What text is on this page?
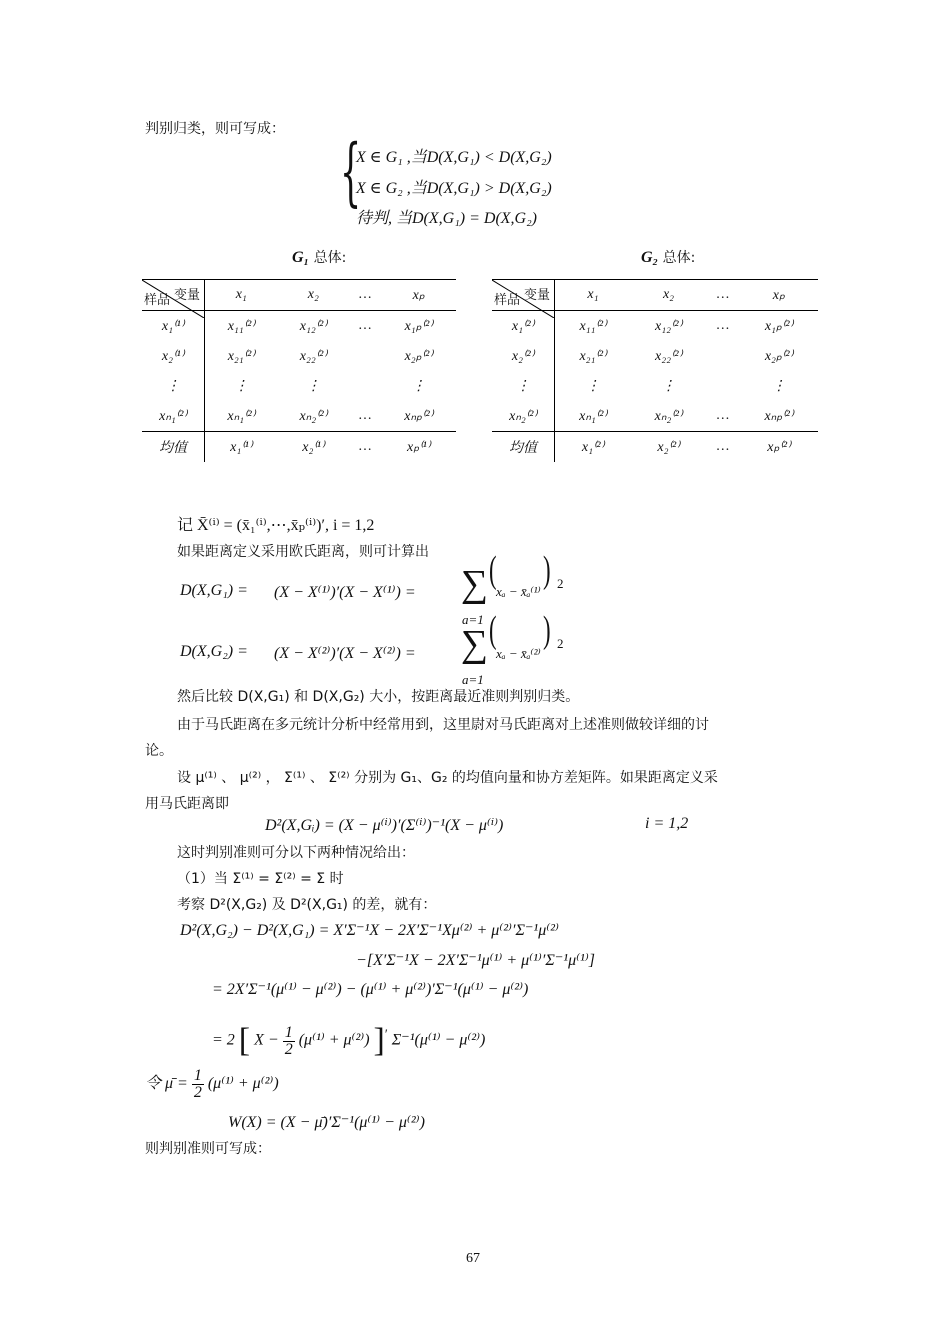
判别归类，则可写成： {
X ∈ G₁ ,当D(X,G₁) < D(X,G₂)
X ∈ G₂ ,当D(X,G₁) > D(X,G₂)
待判, 当D(X,G₁) = D(X,G₂)
G₁ 总体:	G₂ 总体:
变量
样品	x₁	x₂	…	xₚ
x₁⁽¹⁾	x₁₁⁽²⁾	x₁₂⁽²⁾	…	x₁ₚ⁽²⁾
x₂⁽¹⁾	x₂₁⁽²⁾	x₂₂⁽²⁾		x₂ₚ⁽²⁾
⋮	⋮	⋮		⋮
xₙ₁⁽²⁾	xₙ₁⁽²⁾	xₙ₂⁽²⁾	…	xₙₚ⁽²⁾
均值	x₁⁽¹⁾	x₂⁽¹⁾	…	xₚ⁽¹⁾
变量
样品	x₁	x₂	…	xₚ
x₁⁽²⁾	x₁₁⁽²⁾	x₁₂⁽²⁾	…	x₁ₚ⁽²⁾
x₂⁽²⁾	x₂₁⁽²⁾	x₂₂⁽²⁾		x₂ₚ⁽²⁾
⋮	⋮	⋮		⋮
xₙ₂⁽²⁾	xₙ₁⁽²⁾	xₙ₂⁽²⁾	…	xₙₚ⁽²⁾
均值	x₁⁽²⁾	x₂⁽²⁾	…	xₚ⁽²⁾
记 X̄⁽ⁱ⁾ = (x̄₁⁽ⁱ⁾,⋯,x̄ₚ⁽ⁱ⁾)′, i = 1,2
如果距离定义采用欧氏距离，则可计算出
D(X,G₁) = (X − X⁽¹⁾)′(X − X⁽¹⁾) = ∑ (
xₐ − x̄ₐ⁽¹⁾
) 2
a=1
D(X,G₂) = (X − X⁽²⁾)′(X − X⁽²⁾) = ∑ (
xₐ − x̄ₐ⁽²⁾
) 2
a=1
然后比较 D(X,G₁) 和 D(X,G₂) 大小，按距离最近准则判别归类。
由于马氏距离在多元统计分析中经常用到，这里尉对马氏距离对上述准则做较详细的讨
论。
设 μ⁽¹⁾ 、 μ⁽²⁾ ， Σ⁽¹⁾ 、 Σ⁽²⁾ 分别为 G₁、G₂ 的均值向量和协方差矩阵。如果距离定义采
用马氏距离即
D²(X,Gᵢ) = (X − μ⁽ⁱ⁾)′(Σ⁽ⁱ⁾)⁻¹(X − μ⁽ⁱ⁾)	i = 1,2
这时判别准则可分以下两种情况给出：
（1）当 Σ⁽¹⁾ = Σ⁽²⁾ = Σ 时
考察 D²(X,G₂) 及 D²(X,G₁) 的差，就有：
D²(X,G₂) − D²(X,G₁) = X′Σ⁻¹X − 2X′Σ⁻¹Xμ⁽²⁾ + μ⁽²⁾′Σ⁻¹μ⁽²⁾
−[X′Σ⁻¹X − 2X′Σ⁻¹μ⁽¹⁾ + μ⁽¹⁾′Σ⁻¹μ⁽¹⁾]
= 2X′Σ⁻¹(μ⁽¹⁾ − μ⁽²⁾) − (μ⁽¹⁾ + μ⁽²⁾)′Σ⁻¹(μ⁽¹⁾ − μ⁽²⁾)
= 2 [ $X - \frac{1}{2} (\mu^{(1)} + \mu^{(2)})$ ]′ Σ⁻¹(μ⁽¹⁾ − μ⁽²⁾)
令 μ̄ = $\frac{1}{2} (\mu^{(1)} + \mu^{(2)})$
W(X) = (X − μ̄)′Σ⁻¹(μ⁽¹⁾ − μ⁽²⁾)
则判别准则可写成：
67
